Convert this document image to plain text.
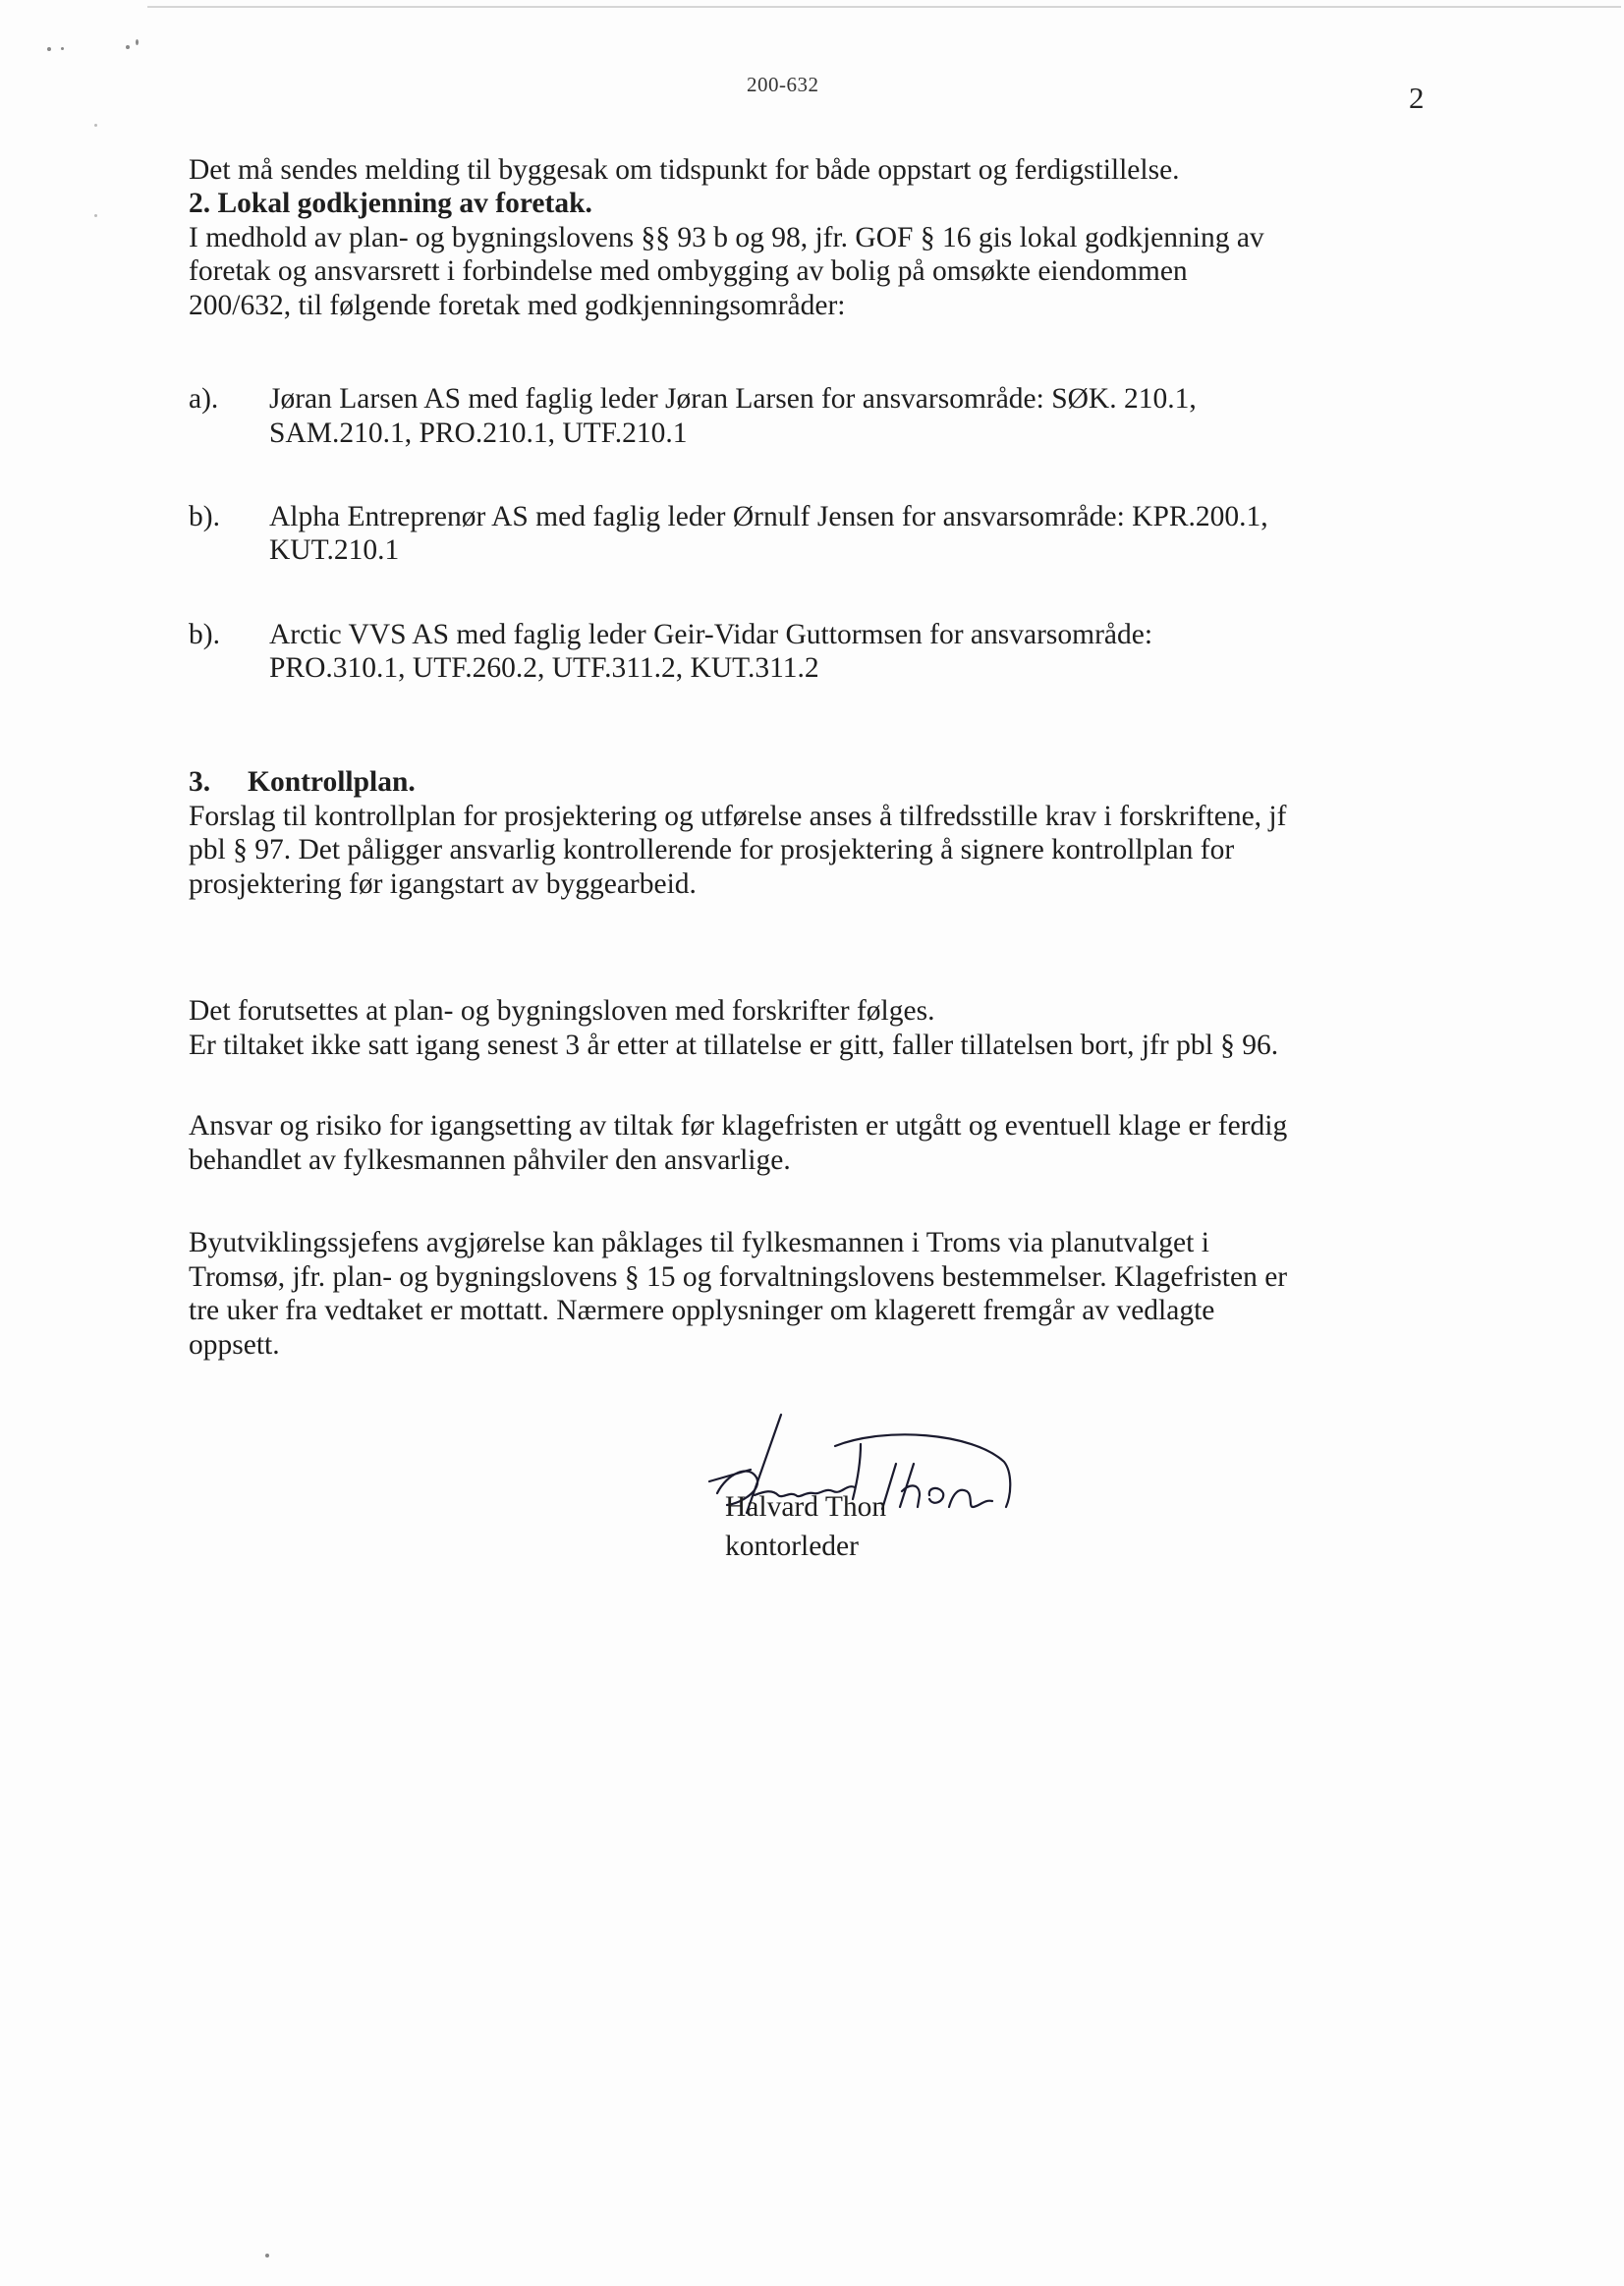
200-632	2
Det må sendes melding til byggesak om tidspunkt for både oppstart og ferdigstillelse.
2. Lokal godkjenning av foretak.
I medhold av plan- og bygningslovens §§ 93 b og 98, jfr. GOF § 16 gis lokal godkjenning av
foretak og ansvarsrett i forbindelse med ombygging av bolig på omsøkte eiendommen
200/632, til følgende foretak med godkjenningsområder:
a). Jøran Larsen AS med faglig leder Jøran Larsen for ansvarsområde: SØK. 210.1,
SAM.210.1, PRO.210.1, UTF.210.1
b). Alpha Entreprenør AS med faglig leder Ørnulf Jensen for ansvarsområde: KPR.200.1,
KUT.210.1
b). Arctic VVS AS med faglig leder Geir-Vidar Guttormsen for ansvarsområde:
PRO.310.1, UTF.260.2, UTF.311.2, KUT.311.2
3. Kontrollplan.
Forslag til kontrollplan for prosjektering og utførelse anses å tilfredsstille krav i forskriftene, jf
pbl § 97. Det påligger ansvarlig kontrollerende for prosjektering å signere kontrollplan for
prosjektering før igangstart av byggearbeid.
Det forutsettes at plan- og bygningsloven med forskrifter følges.
Er tiltaket ikke satt igang senest 3 år etter at tillatelse er gitt, faller tillatelsen bort, jfr pbl § 96.
Ansvar og risiko for igangsetting av tiltak før klagefristen er utgått og eventuell klage er ferdig
behandlet av fylkesmannen påhviler den ansvarlige.
Byutviklingssjefens avgjørelse kan påklages til fylkesmannen i Troms via planutvalget i
Tromsø, jfr. plan- og bygningslovens § 15 og forvaltningslovens bestemmelser. Klagefristen er
tre uker fra vedtaket er mottatt. Nærmere opplysninger om klagerett fremgår av vedlagte
oppsett.
Halvard Thon
kontorleder
